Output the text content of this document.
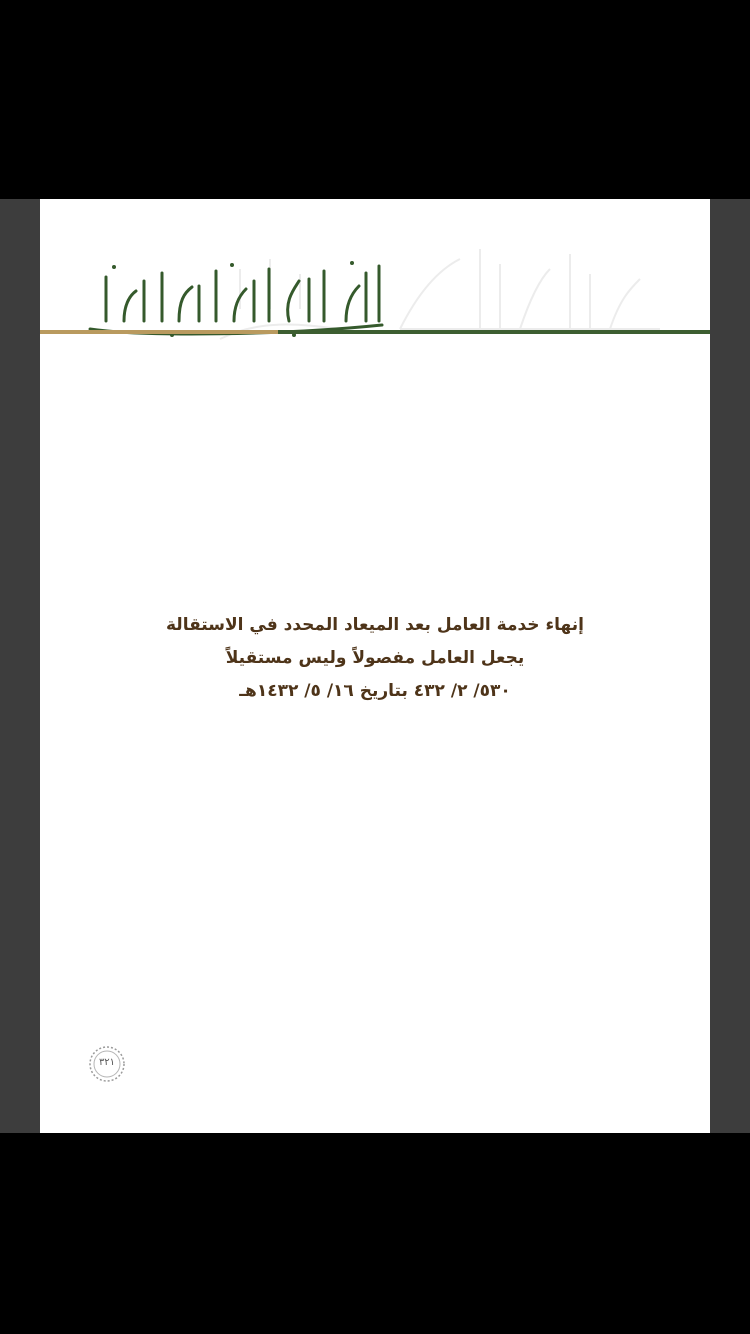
إنهاء خدمة العامل بعد الميعاد المحدد في الاستقالة
يجعل العامل مفصولاً وليس مستقيلاً
٥٣٠/ ٢/ ٤٣٢ بتاريخ ١٦/ ٥/ ١٤٣٢هـ
٣٢١
